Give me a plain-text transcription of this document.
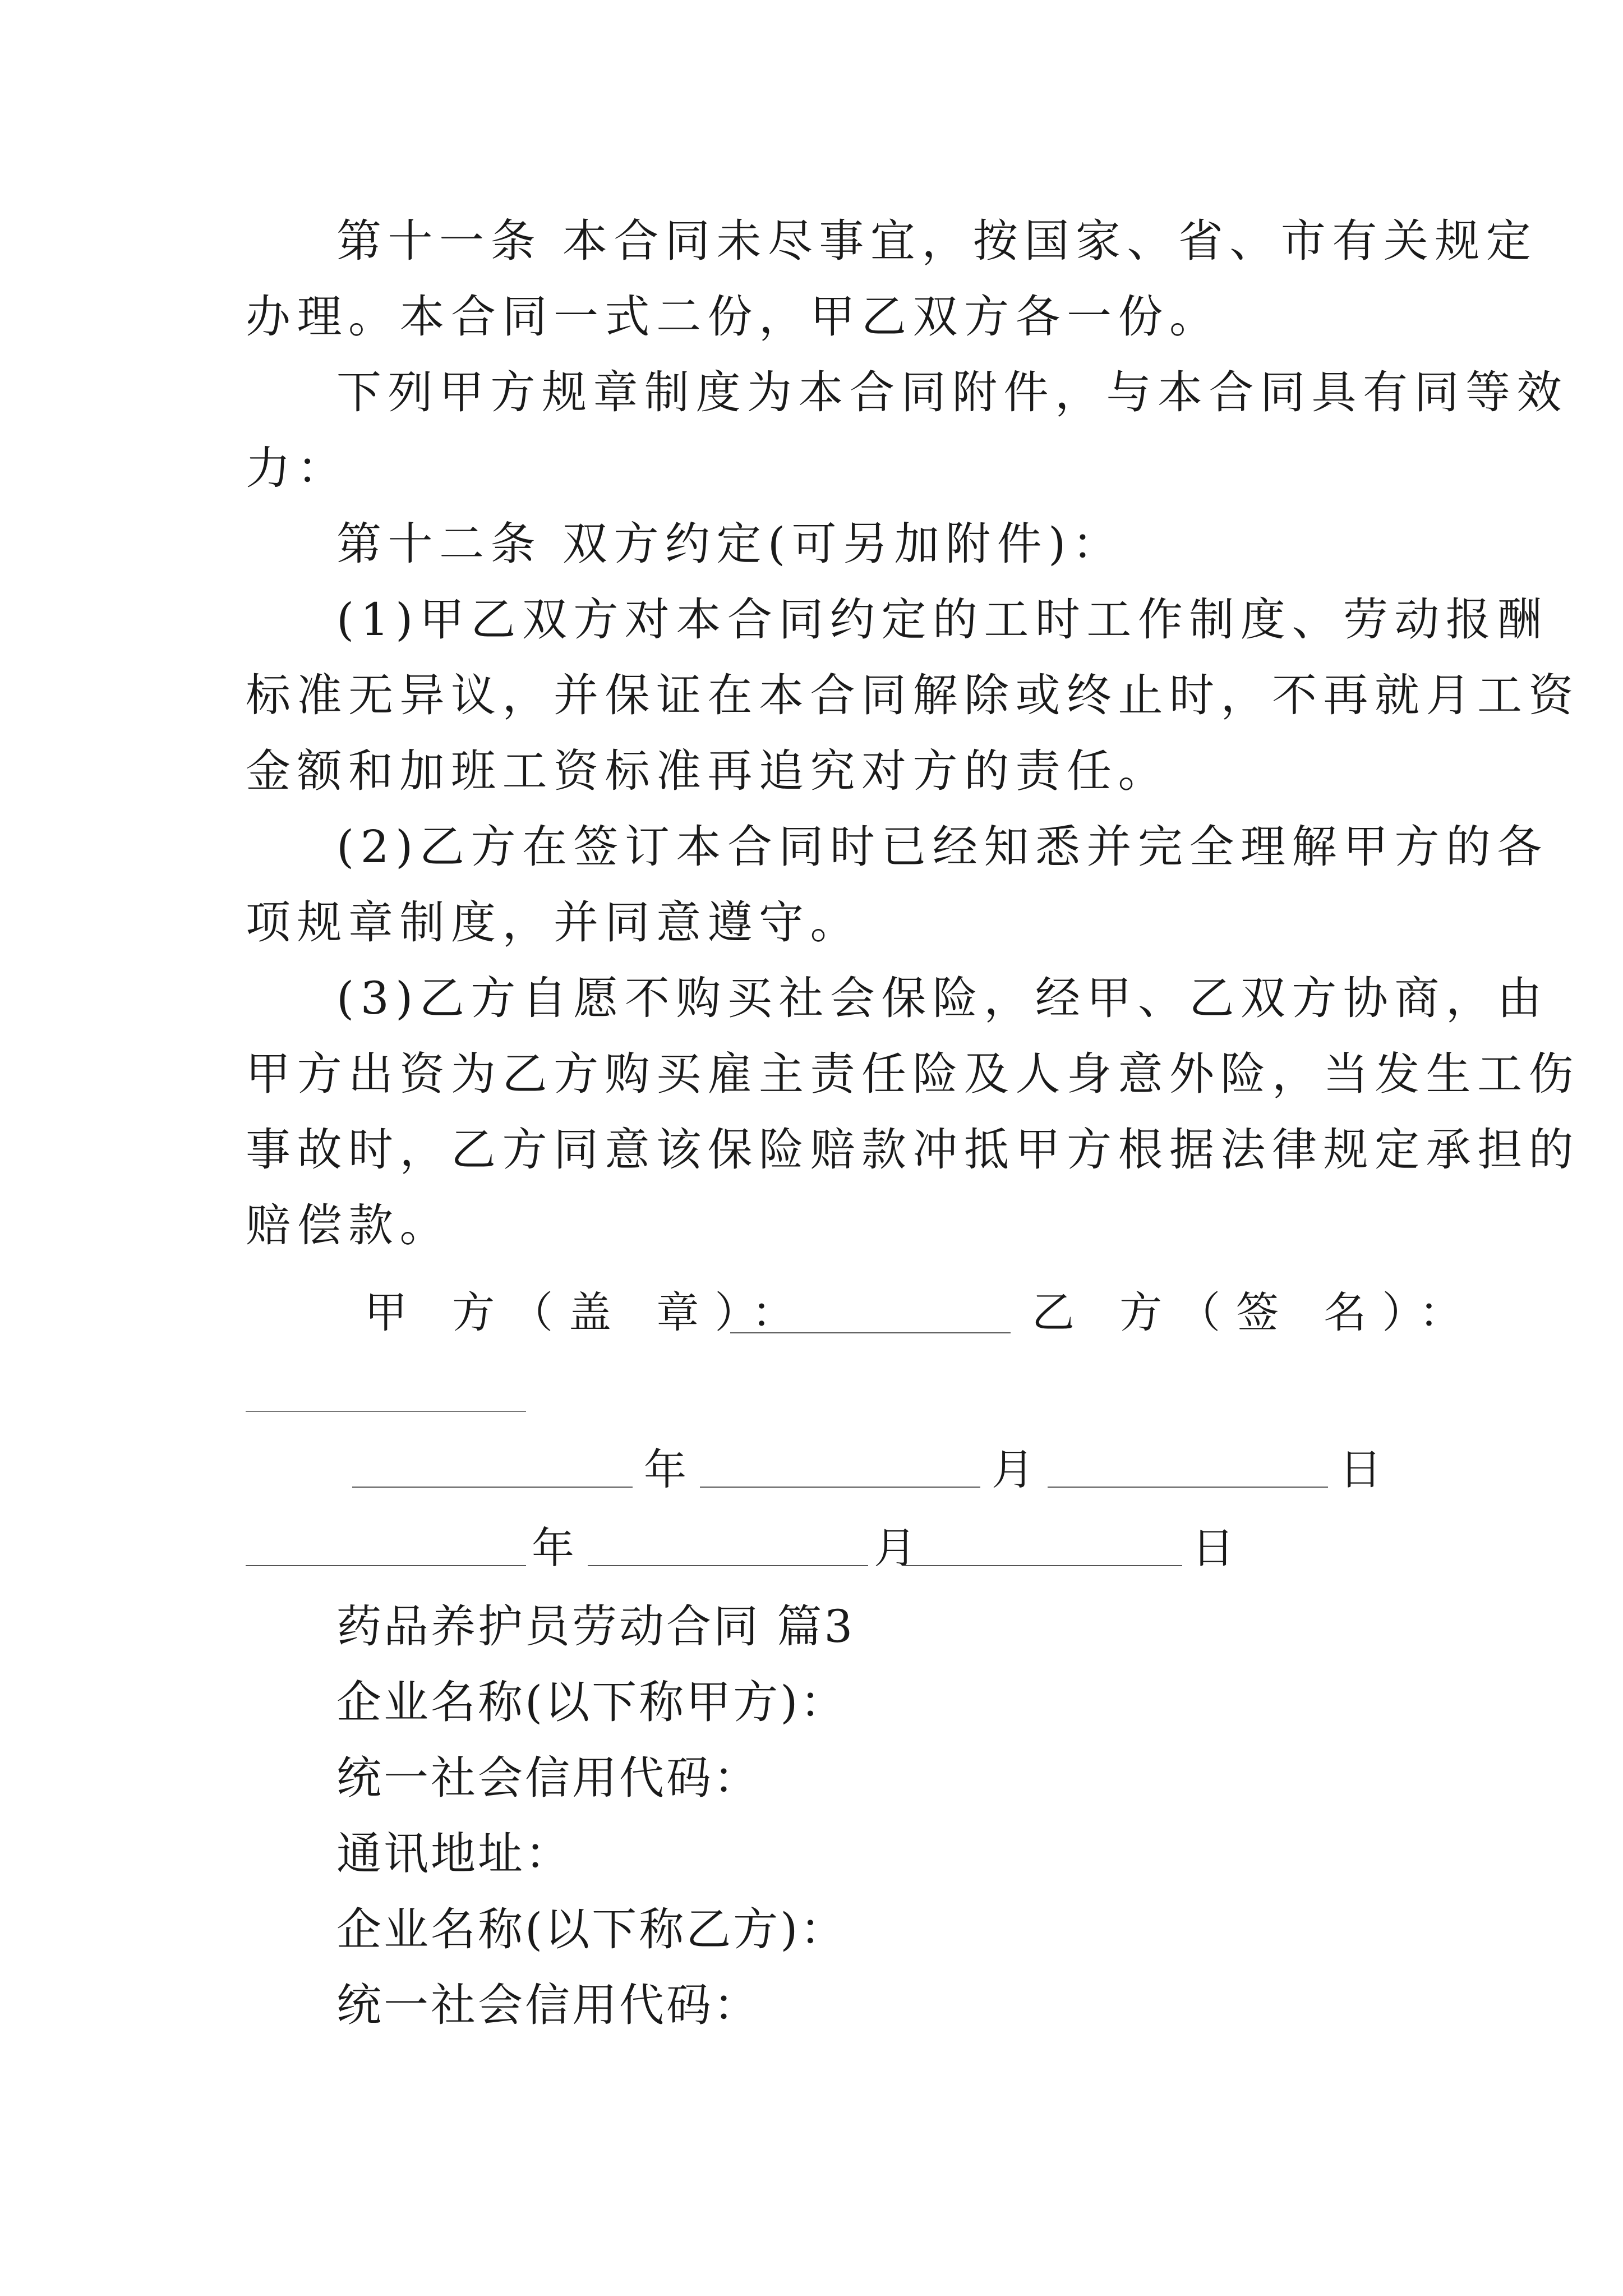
第十一条 本合同未尽事宜，按国家、省、市有关规定
办理。本合同一式二份，甲乙双方各一份。
下列甲方规章制度为本合同附件，与本合同具有同等效
力：
第十二条 双方约定(可另加附件)：
(1)甲乙双方对本合同约定的工时工作制度、劳动报酬
标准无异议，并保证在本合同解除或终止时，不再就月工资
金额和加班工资标准再追究对方的责任。
(2)乙方在签订本合同时已经知悉并完全理解甲方的各
项规章制度，并同意遵守。
(3)乙方自愿不购买社会保险，经甲、乙双方协商，由
甲方出资为乙方购买雇主责任险及人身意外险，当发生工伤
事故时，乙方同意该保险赔款冲抵甲方根据法律规定承担的
赔偿款。
甲 方（盖 章）：	乙 方（签 名）：
年	月	日
年	月	日
药品养护员劳动合同 篇3
企业名称(以下称甲方)：
统一社会信用代码：
通讯地址：
企业名称(以下称乙方)：
统一社会信用代码：
